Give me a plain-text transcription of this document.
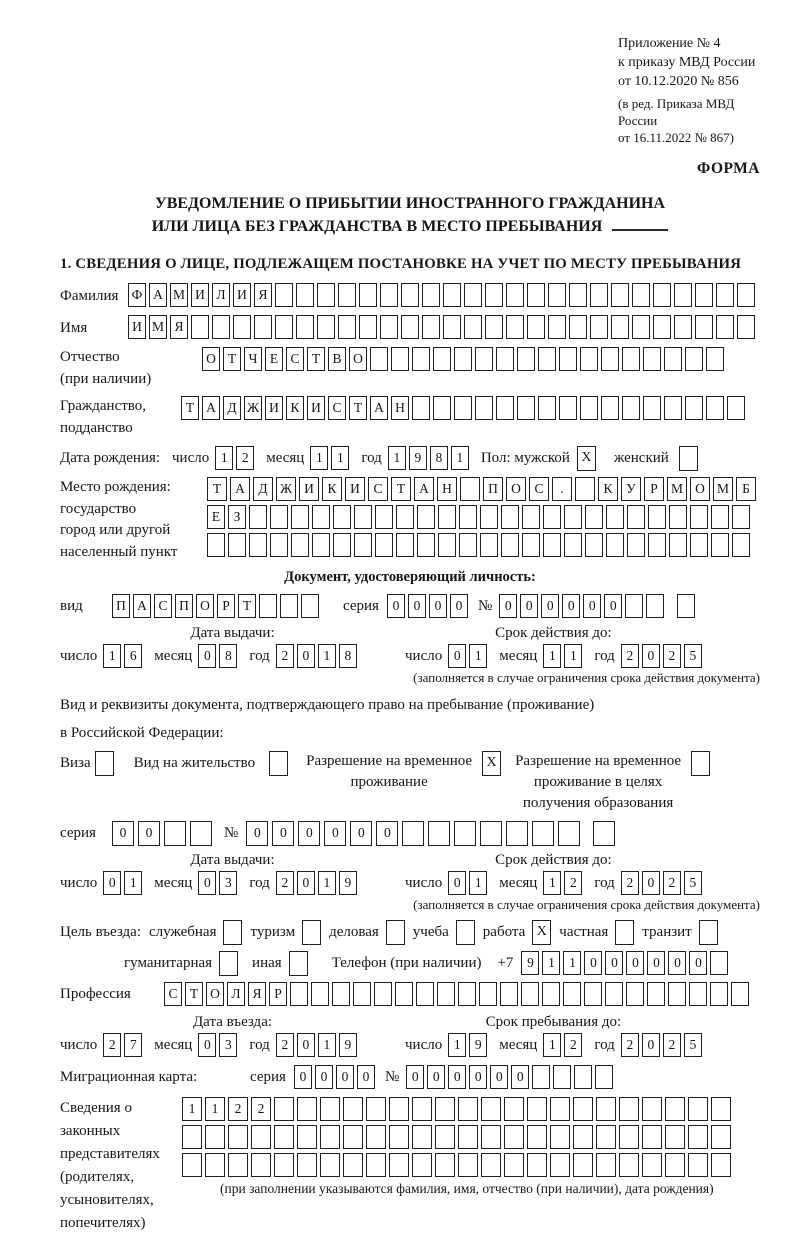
Приложение № 4
к приказу МВД России
от 10.12.2020 № 856
(в ред. Приказа МВД России
от 16.11.2022 № 867)
ФОРМА
УВЕДОМЛЕНИЕ О ПРИБЫТИИ ИНОСТРАННОГО ГРАЖДАНИНА
ИЛИ ЛИЦА БЕЗ ГРАЖДАНСТВА В МЕСТО ПРЕБЫВАНИЯ
1. СВЕДЕНИЯ О ЛИЦЕ, ПОДЛЕЖАЩЕМ ПОСТАНОВКЕ НА УЧЕТ ПО МЕСТУ ПРЕБЫВАНИЯ
Фамилия Ф А М И Л И Я
Имя	И М Я
Отчество
(при наличии)
О Т Ч Е С Т В О
Гражданство,
подданство
Т А Д Ж И К И С Т А Н
Дата рождения: число 1	2	месяц 1	1	год 1	9	8	1	Пол: мужской X женский
Место рождения:
государство
город или другой
населенный пункт
Т	А	Д Ж И	К	И	С	Т	А Н	П О	С	.	К	У	Р М О М Б
Е З
Документ, удостоверяющий личность:
вид	П А С П О Р Т	серия	0	0	0	0	№ 0	0	0	0	0	0
Дата выдачи:
число 1	6	месяц 0	8	год 2	0	1	8
Срок действия до:
число 0	1	месяц 1	1	год 2	0	2	5
(заполняется в случае ограничения срока действия документа)
Вид и реквизиты документа, подтверждающего право на пребывание (проживание)
в Российской Федерации:
Виза	Вид на жительство	Разрешение на временное
проживание
X Разрешение на временное
проживание в целях
получения образования
серия	0	0	№	0	0	0	0	0	0
Дата выдачи:
число 0	1	месяц 0	3	год 2	0	1	9
Срок действия до:
число 0	1	месяц 1	2	год 2	0	2	5
(заполняется в случае ограничения срока действия документа)
Цель въезда: служебная туризм деловая учеба работа X частная транзит
гуманитарная	иная	Телефон (при наличии) +7	9	1	1	0	0	0	0	0	0
Профессия	С Т О Л Я Р
Дата въезда:
число 2	7	месяц 0	3	год 2	0	1	9
Срок пребывания до:
число 1	9	месяц 1	2	год 2	0	2	5
Миграционная карта:	серия	0	0	0	0	№ 0	0	0	0	0	0
Сведения о
законных
представителях
(родителях,
усыновителях,
попечителях)
1	1	2	2
(при заполнении указываются фамилия, имя, отчество (при наличии), дата рождения)
